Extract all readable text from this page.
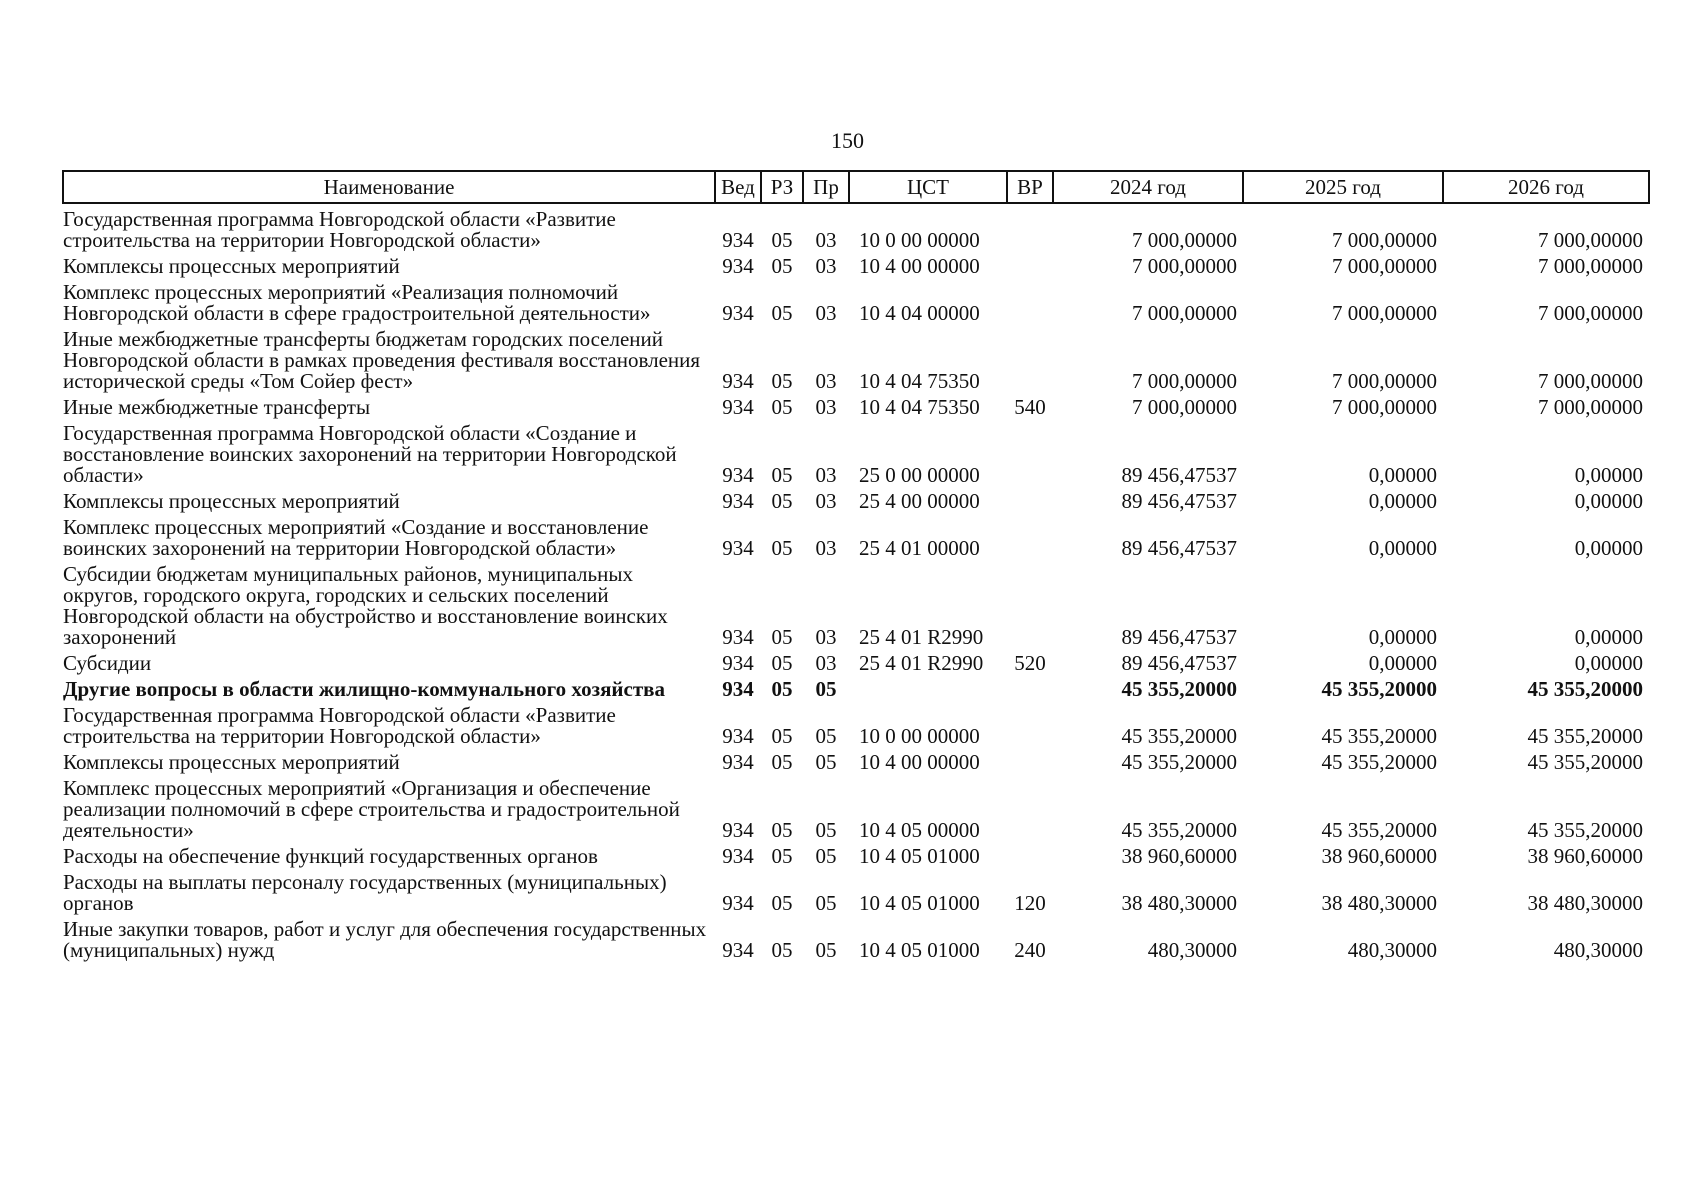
150
Наименование	Вед	РЗ	Пр	ЦСТ	ВР	2024 год	2025 год	2026 год
Государственная программа Новгородской области «Развитие строительства на территории Новгородской области»	934	05	03	10 0 00 00000		7 000,00000	7 000,00000	7 000,00000
Комплексы процессных мероприятий	934	05	03	10 4 00 00000		7 000,00000	7 000,00000	7 000,00000
Комплекс процессных мероприятий «Реализация полномочий Новгородской области в сфере градостроительной деятельности»	934	05	03	10 4 04 00000		7 000,00000	7 000,00000	7 000,00000
Иные межбюджетные трансферты бюджетам городских поселений Новгородской области в рамках проведения фестиваля восстановления исторической среды «Том Сойер фест»	934	05	03	10 4 04 75350		7 000,00000	7 000,00000	7 000,00000
Иные межбюджетные трансферты	934	05	03	10 4 04 75350	540	7 000,00000	7 000,00000	7 000,00000
Государственная программа Новгородской области «Создание и восстановление воинских захоронений на территории Новгородской области»	934	05	03	25 0 00 00000		89 456,47537	0,00000	0,00000
Комплексы процессных мероприятий	934	05	03	25 4 00 00000		89 456,47537	0,00000	0,00000
Комплекс процессных мероприятий «Создание и восстановление воинских захоронений на территории Новгородской области»	934	05	03	25 4 01 00000		89 456,47537	0,00000	0,00000
Субсидии бюджетам муниципальных районов, муниципальных округов, городского округа, городских и сельских поселений Новгородской области на обустройство и восстановление воинских захоронений	934	05	03	25 4 01 R2990		89 456,47537	0,00000	0,00000
Субсидии	934	05	03	25 4 01 R2990	520	89 456,47537	0,00000	0,00000
Другие вопросы в области жилищно-коммунального хозяйства	934	05	05			45 355,20000	45 355,20000	45 355,20000
Государственная программа Новгородской области «Развитие строительства на территории Новгородской области»	934	05	05	10 0 00 00000		45 355,20000	45 355,20000	45 355,20000
Комплексы процессных мероприятий	934	05	05	10 4 00 00000		45 355,20000	45 355,20000	45 355,20000
Комплекс процессных мероприятий «Организация и обеспечение реализации полномочий в сфере строительства и градостроительной деятельности»	934	05	05	10 4 05 00000		45 355,20000	45 355,20000	45 355,20000
Расходы на обеспечение функций государственных органов	934	05	05	10 4 05 01000		38 960,60000	38 960,60000	38 960,60000
Расходы на выплаты персоналу государственных (муниципальных) органов	934	05	05	10 4 05 01000	120	38 480,30000	38 480,30000	38 480,30000
Иные закупки товаров, работ и услуг для обеспечения государственных (муниципальных) нужд	934	05	05	10 4 05 01000	240	480,30000	480,30000	480,30000
